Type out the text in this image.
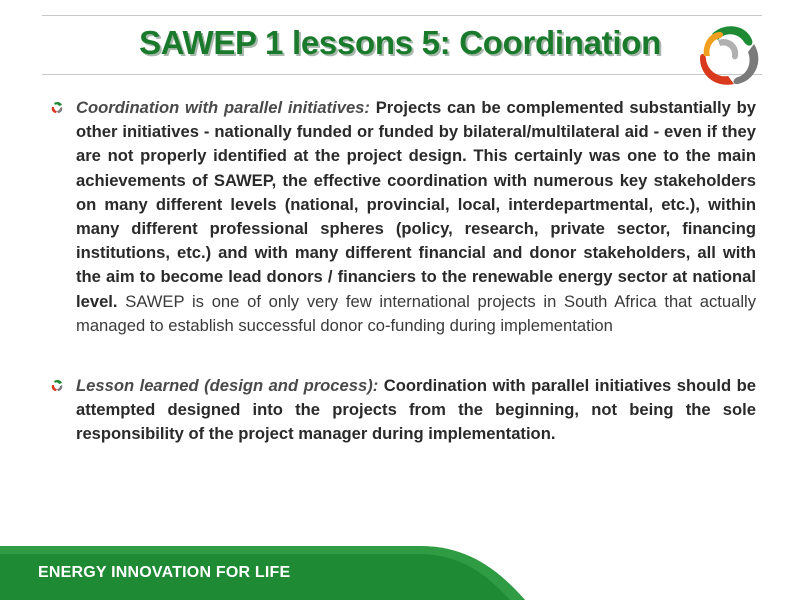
SAWEP 1 lessons 5: Coordination

Coordination with parallel initiatives: Projects can be complemented substantially by other initiatives - nationally funded or funded by bilateral/multilateral aid - even if they are not properly identified at the project design. This certainly was one to the main achievements of SAWEP, the effective coordination with numerous key stakeholders on many different levels (national, provincial, local, interdepartmental, etc.), within many different professional spheres (policy, research, private sector, financing institutions, etc.) and with many different financial and donor stakeholders, all with the aim to become lead donors / financiers to the renewable energy sector at national level. SAWEP is one of only very few international projects in South Africa that actually managed to establish successful donor co-funding during implementation

Lesson learned (design and process): Coordination with parallel initiatives should be attempted designed into the projects from the beginning, not being the sole responsibility of the project manager during implementation.

ENERGY INNOVATION FOR LIFE
